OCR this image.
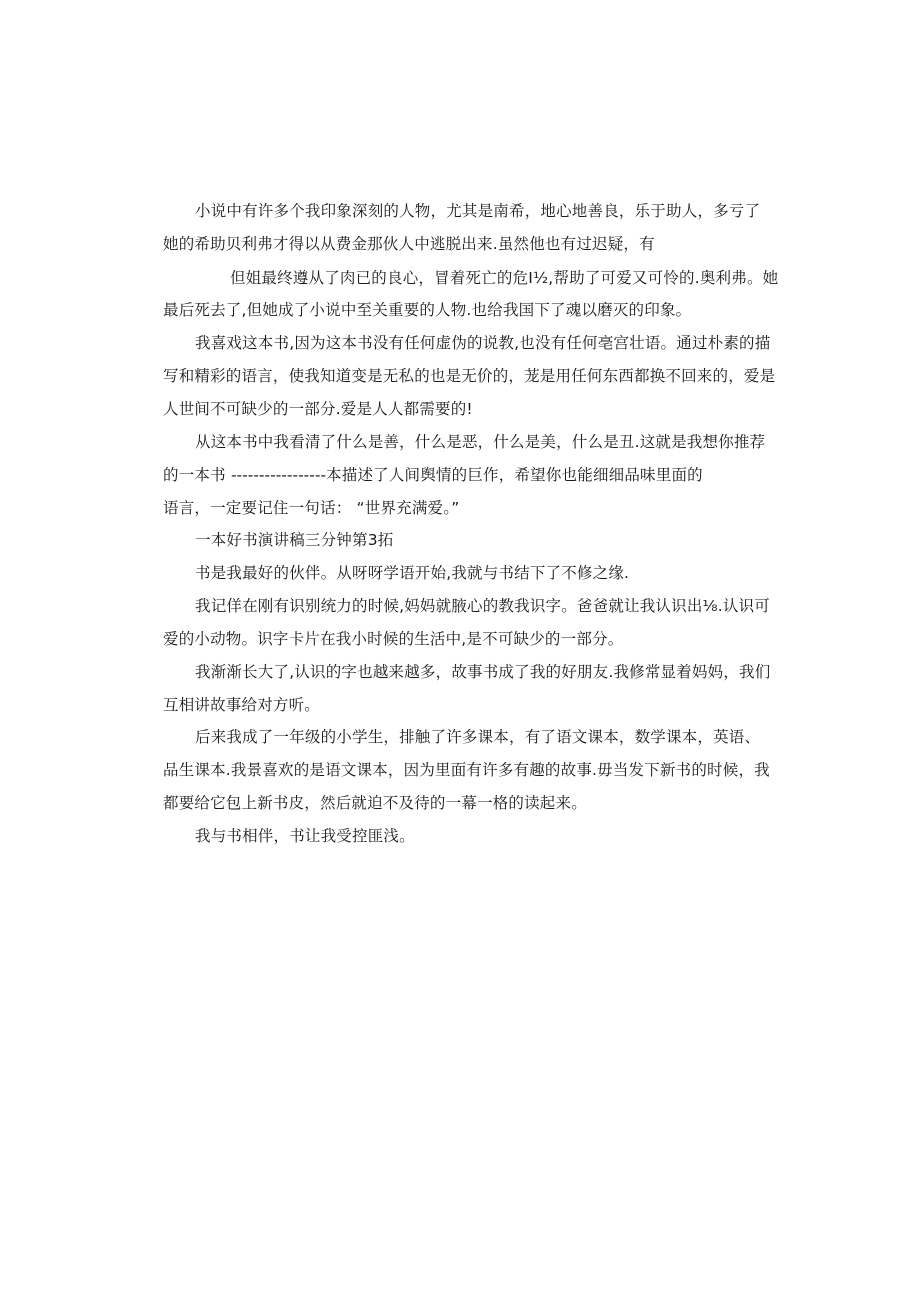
小说中有许多个我印象深刻的人物，尤其是南希，地心地善良，乐于助人，多亏了
她的希助贝利弗才得以从费金那伙人中逃脱出来.虽然他也有过迟疑，有
但姐最终遵从了肉已的良心，冒着死亡的危I½,帮助了可爱又可怜的.奥利弗。她
最后死去了,但她成了小说中至关重要的人物.也给我国下了魂以磨灭的印象。
我喜戏这本书,因为这本书没有任何虚伪的说教,也没有任何亳宫壮语。通过朴素的描
写和精彩的语言，使我知道变是无私的也是无价的，茏是用任何东西都换不回来的，爱是
人世间不可缺少的一部分.爱是人人都需要的!
从这本书中我看清了什么是善，什么是恶，什么是美，什么是丑.这就是我想你推荐
的一本书 -----------------本描述了人间舆情的巨作，希望你也能细细品味里面的
语言，一定要记住一句话： “世界充满爱。”
一本好书演讲稿三分钟第3拓
书是我最好的伙伴。从呀呀学语开始,我就与书结下了不修之缘.
我记佯在刚有识别统力的时候,妈妈就腋心的教我识字。爸爸就让我认识出⅛.认识可
爱的小动物。识字卡片在我小时候的生活中,是不可缺少的一部分。
我渐渐长大了,认识的字也越来越多，故事书成了我的好朋友.我修常显着妈妈，我们
互相讲故事给对方听。
后来我成了一年级的小学生，排触了许多课本，有了语文课本，数学课本，英语、
品生课本.我景喜欢的是语文课本，因为里面有许多有趣的故事.毋当发下新书的时候，我
都要给它包上新书皮，然后就迫不及待的一幕一格的读起来。
我与书相伴，书让我受控匪浅。
